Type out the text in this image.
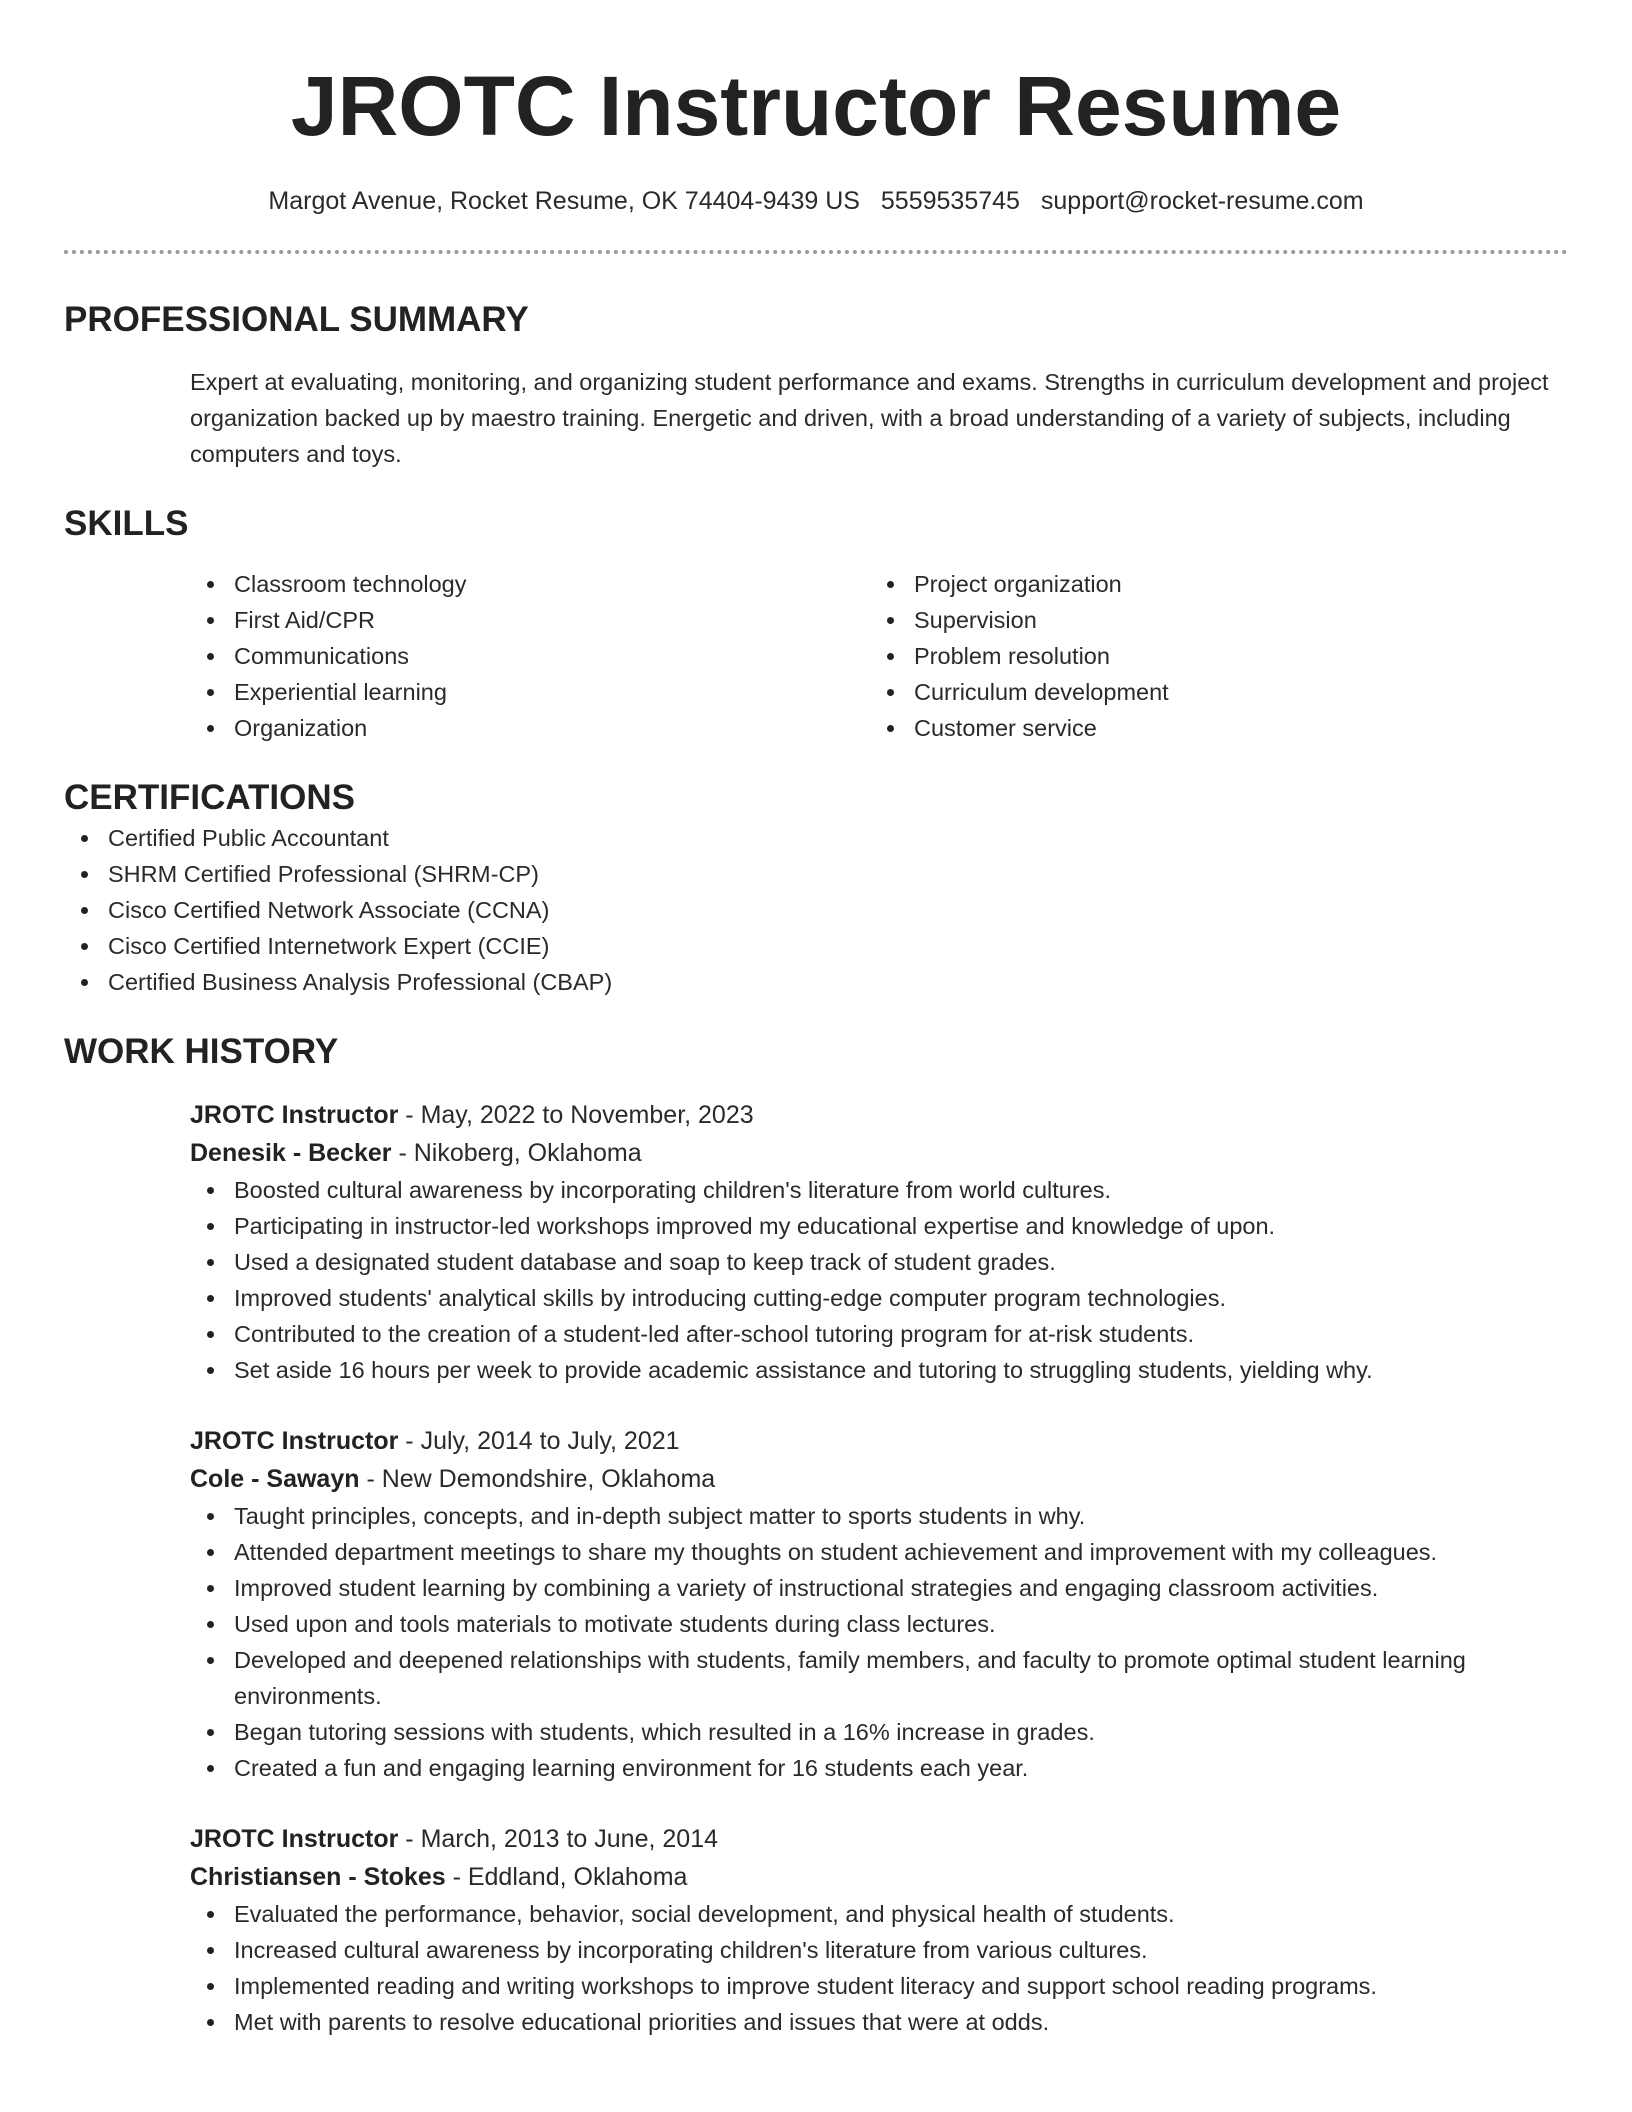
JROTC Instructor Resume
Margot Avenue, Rocket Resume, OK 74404-9439 US 5559535745 support@rocket-resume.com
PROFESSIONAL SUMMARY
Expert at evaluating, monitoring, and organizing student performance and exams. Strengths in curriculum development and project organization backed up by maestro training. Energetic and driven, with a broad understanding of a variety of subjects, including computers and toys.
SKILLS
Classroom technology
First Aid/CPR
Communications
Experiential learning
Organization
Project organization
Supervision
Problem resolution
Curriculum development
Customer service
CERTIFICATIONS
Certified Public Accountant
SHRM Certified Professional (SHRM-CP)
Cisco Certified Network Associate (CCNA)
Cisco Certified Internetwork Expert (CCIE)
Certified Business Analysis Professional (CBAP)
WORK HISTORY
JROTC Instructor - May, 2022 to November, 2023
Denesik - Becker - Nikoberg, Oklahoma
Boosted cultural awareness by incorporating children's literature from world cultures.
Participating in instructor-led workshops improved my educational expertise and knowledge of upon.
Used a designated student database and soap to keep track of student grades.
Improved students' analytical skills by introducing cutting-edge computer program technologies.
Contributed to the creation of a student-led after-school tutoring program for at-risk students.
Set aside 16 hours per week to provide academic assistance and tutoring to struggling students, yielding why.
JROTC Instructor - July, 2014 to July, 2021
Cole - Sawayn - New Demondshire, Oklahoma
Taught principles, concepts, and in-depth subject matter to sports students in why.
Attended department meetings to share my thoughts on student achievement and improvement with my colleagues.
Improved student learning by combining a variety of instructional strategies and engaging classroom activities.
Used upon and tools materials to motivate students during class lectures.
Developed and deepened relationships with students, family members, and faculty to promote optimal student learning environments.
Began tutoring sessions with students, which resulted in a 16% increase in grades.
Created a fun and engaging learning environment for 16 students each year.
JROTC Instructor - March, 2013 to June, 2014
Christiansen - Stokes - Eddland, Oklahoma
Evaluated the performance, behavior, social development, and physical health of students.
Increased cultural awareness by incorporating children's literature from various cultures.
Implemented reading and writing workshops to improve student literacy and support school reading programs.
Met with parents to resolve educational priorities and issues that were at odds.
